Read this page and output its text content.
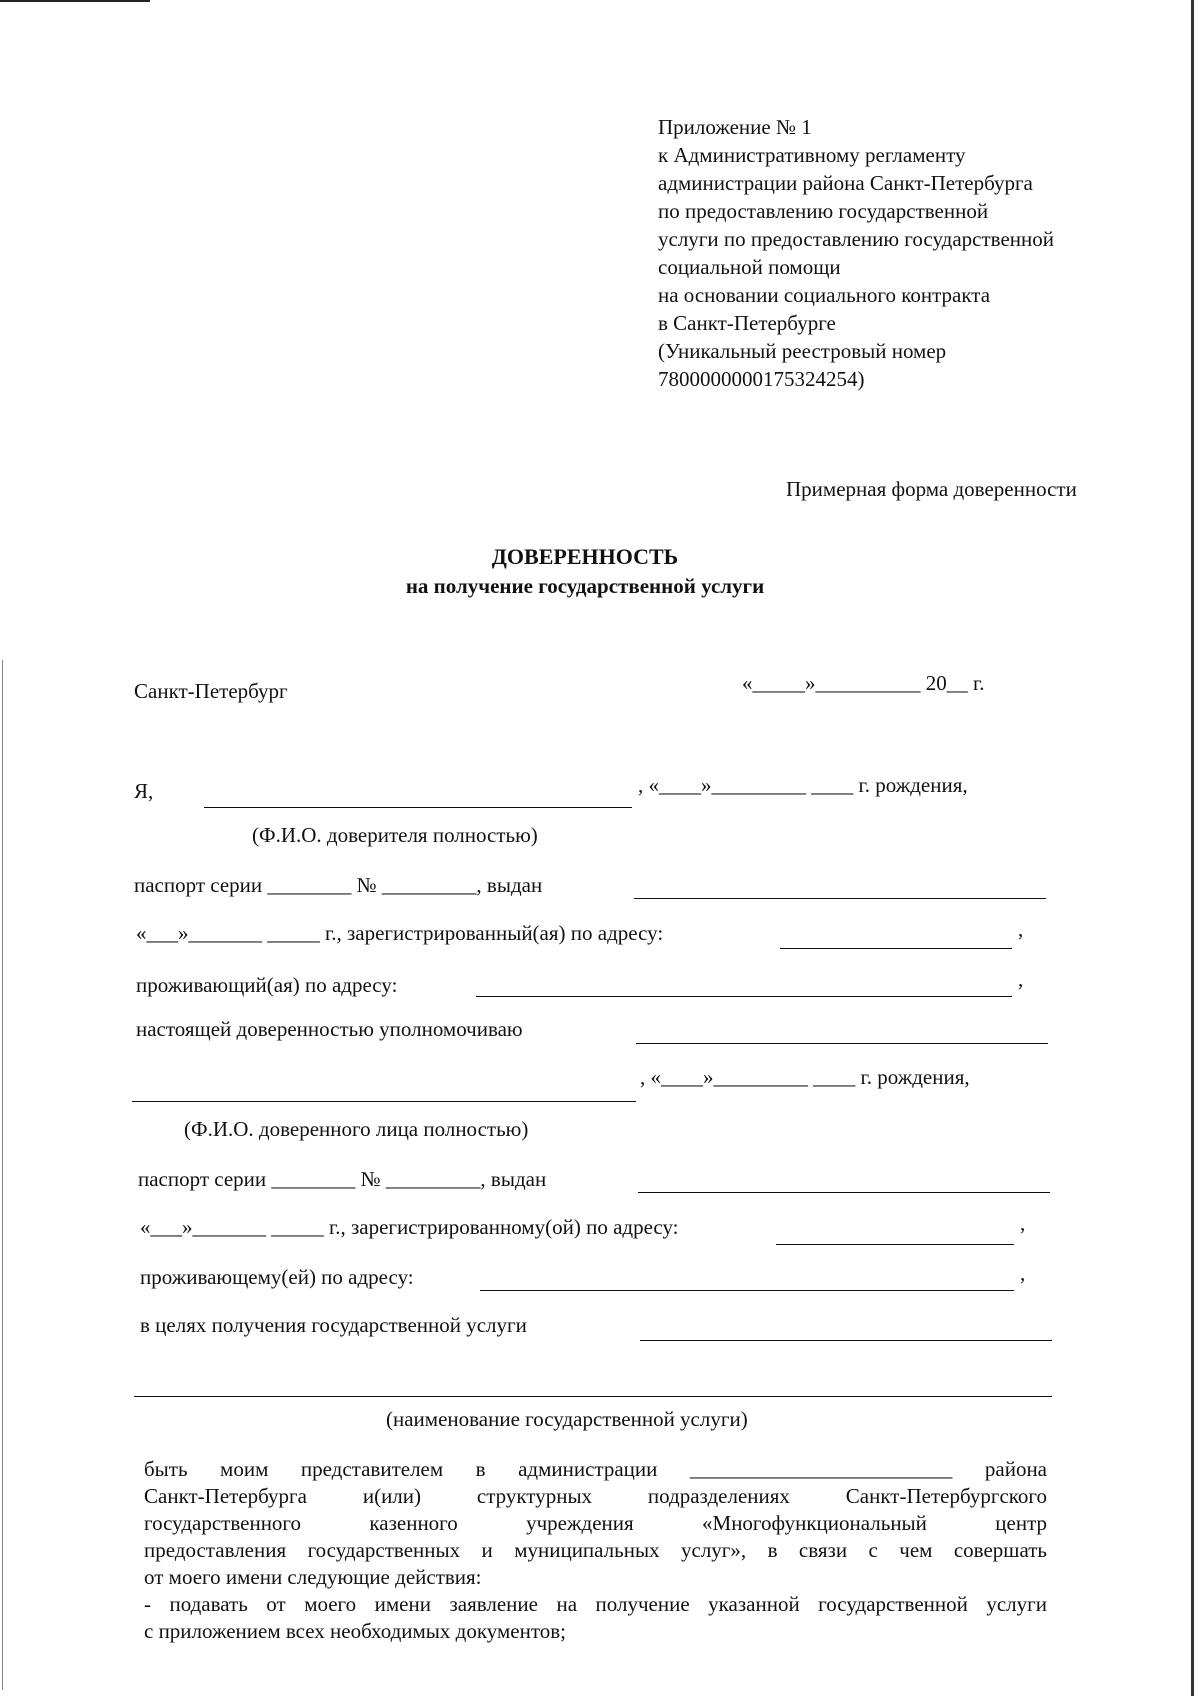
Приложение № 1
к Административному регламенту
администрации района Санкт-Петербурга
по предоставлению государственной
услуги по предоставлению государственной
социальной помощи
на основании социального контракта
в Санкт-Петербурге
(Уникальный реестровый номер
7800000000175324254)
Примерная форма доверенности
ДОВЕРЕННОСТЬ
на получение государственной услуги
Санкт-Петербург	«_____»__________ 20__ г.
Я,	, «____»_________ ____ г. рождения,
(Ф.И.О. доверителя полностью)
паспорт серии ________ № _________, выдан
«___»_______ _____ г., зарегистрированный(ая) по адресу:	,
проживающий(ая) по адресу:	,
настоящей доверенностью уполномочиваю
, «____»_________ ____ г. рождения,
(Ф.И.О. доверенного лица полностью)
паспорт серии ________ № _________, выдан
«___»_______ _____ г., зарегистрированному(ой) по адресу:	,
проживающему(ей) по адресу:	,
в целях получения государственной услуги
(наименование государственной услуги)
быть моим представителем в администрации _________________________ района
Санкт-Петербурга и(или) структурных подразделениях Санкт-Петербургского
государственного казенного учреждения «Многофункциональный центр
предоставления государственных и муниципальных услуг», в связи с чем совершать
от моего имени следующие действия:
- подавать от моего имени заявление на получение указанной государственной услуги
с приложением всех необходимых документов;
